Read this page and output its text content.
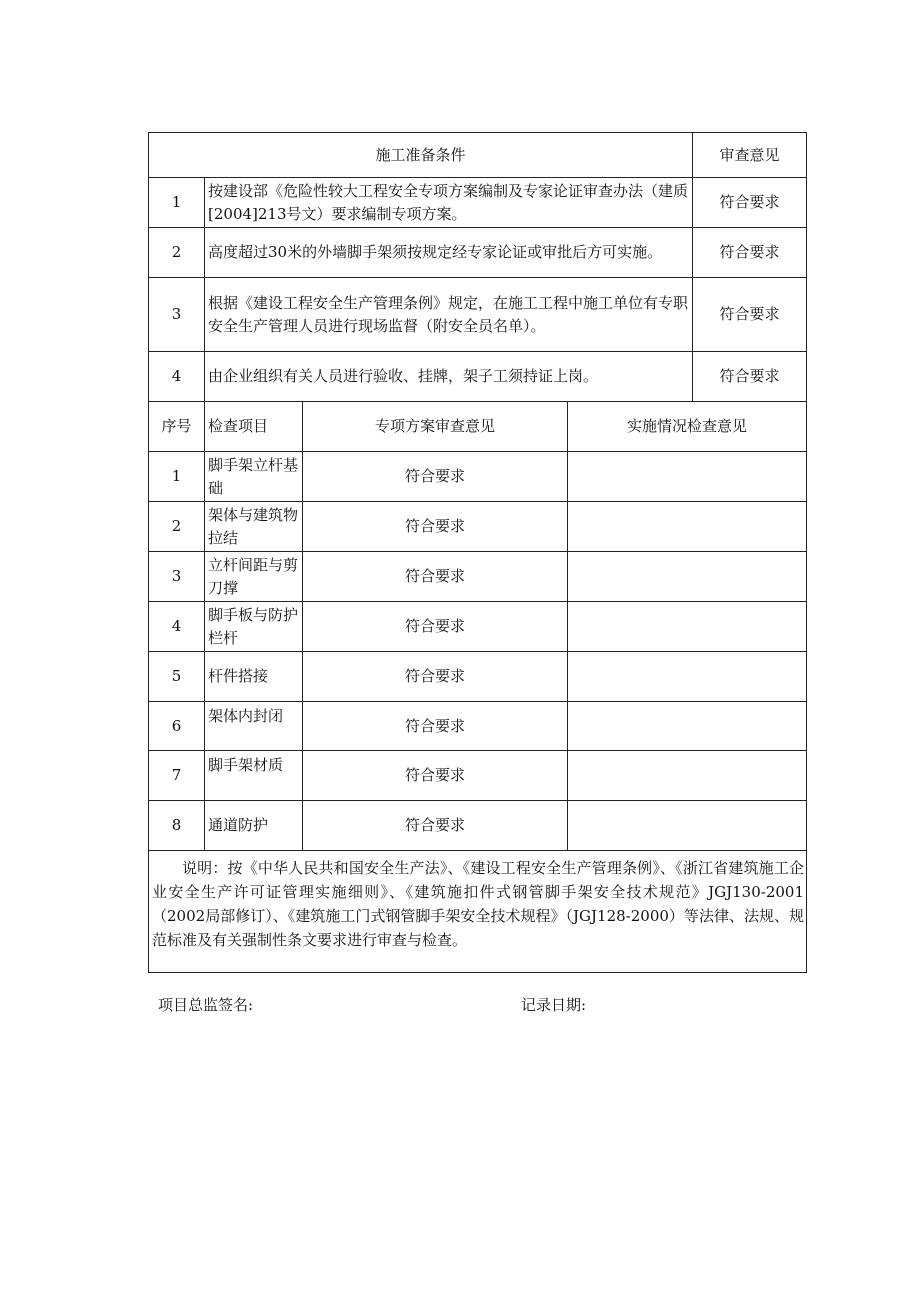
施工准备条件				审查意见
1	按建设部《危险性较大工程安全专项方案编制及专家论证审查办法（建质[2004]213号文）要求编制专项方案。			符合要求
2	高度超过30米的外墙脚手架须按规定经专家论证或审批后方可实施。			符合要求
3	根据《建设工程安全生产管理条例》规定，在施工工程中施工单位有专职安全生产管理人员进行现场监督（附安全员名单）。			符合要求
4	由企业组织有关人员进行验收、挂牌，架子工须持证上岗。			符合要求
序号	检查项目	专项方案审查意见	实施情况检查意见	
1	脚手架立杆基础	符合要求		
2	架体与建筑物拉结	符合要求		
3	立杆间距与剪刀撑	符合要求		
4	脚手板与防护栏杆	符合要求		
5	杆件搭接	符合要求		
6	架体内封闭	符合要求		
7	脚手架材质	符合要求		
8	通道防护	符合要求		
说明：按《中华人民共和国安全生产法》、《建设工程安全生产管理条例》、《浙江省建筑施工企业安全生产许可证管理实施细则》、《建筑施扣件式钢管脚手架安全技术规范》JGJ130-2001（2002局部修订）、《建筑施工门式钢管脚手架安全技术规程》（JGJ128-2000）等法律、法规、规范标准及有关强制性条文要求进行审查与检查。				
项目总监签名:	记录日期:
